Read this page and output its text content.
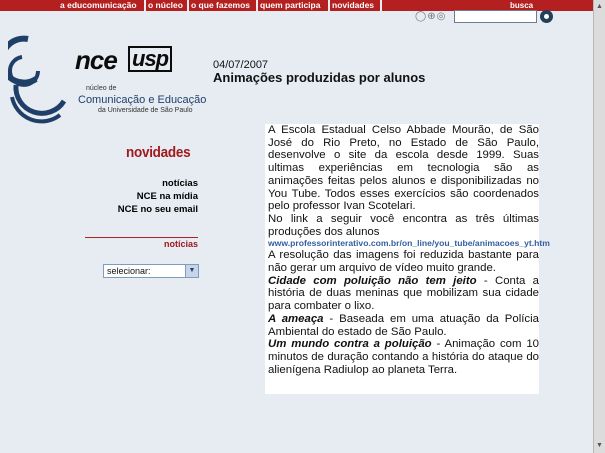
a educomunicação o núcleo o que fazemos quem participa novidades	busca
◯⊕◎
▲
▼
nce usp
núcleo de
Comunicação e Educação
da Universidade de São Paulo
04/07/2007
Animações produzidas por alunos
novidades
notícias
NCE na mídia
NCE no seu email
notícias
selecionar:	▼

A Escola Estadual Celso Abbade Mourão, de São José do Rio Preto, no Estado de São Paulo, desenvolve o site da escola desde 1999. Suas ultimas experiências em tecnologia são as animações feitas pelos alunos e disponibilizadas no You Tube. Todos esses exercícios são coordenados pelo professor Ivan Scotelari.

No link a seguir você encontra as três últimas produções dos alunos

www.professorinterativo.com.br/on_line/you_tube/animacoes_yt.htm

A resolução das imagens foi reduzida bastante para não gerar um arquivo de vídeo muito grande.

Cidade com poluição não tem jeito - Conta a história de duas meninas que mobilizam sua cidade para combater o lixo.

A ameaça - Baseada em uma atuação da Polícia Ambiental do estado de São Paulo.

Um mundo contra a poluição - Animação com 10 minutos de duração contando a história do ataque do alienígena Radiulop ao planeta Terra.
